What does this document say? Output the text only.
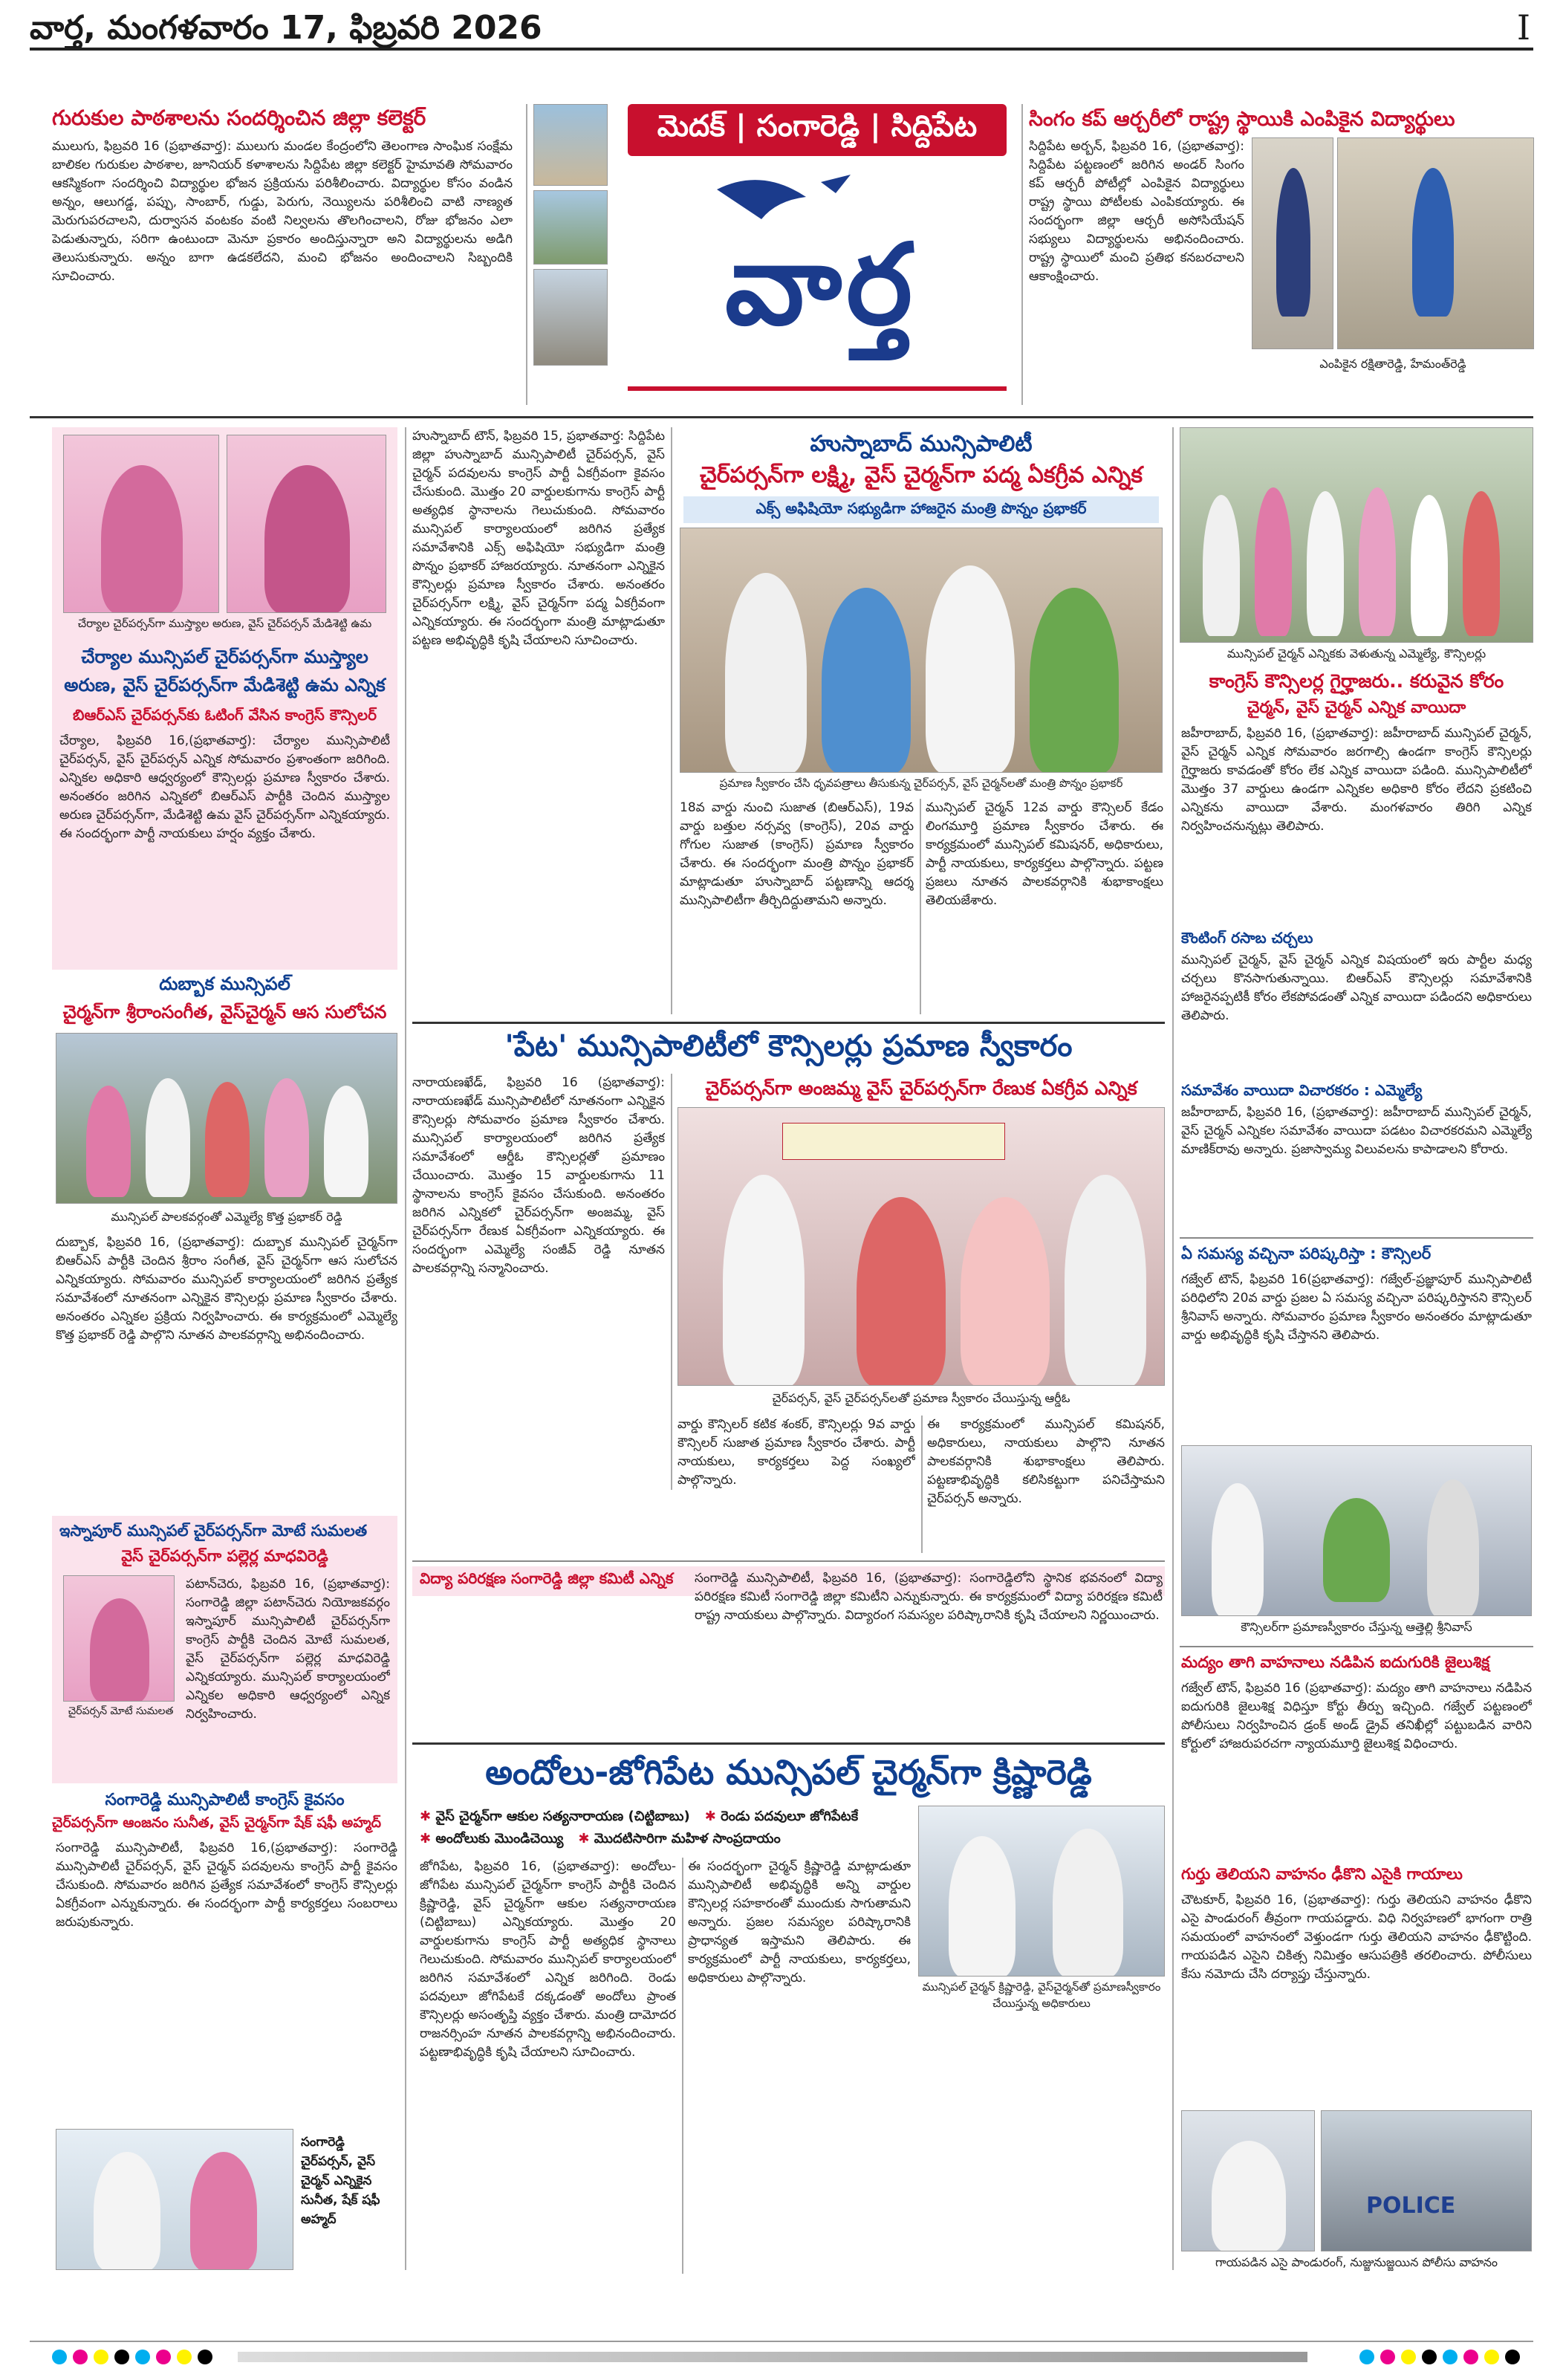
వార్త, మంగళవారం 17, ఫిబ్రవరి 2026	I
గురుకుల పాఠశాలను సందర్శించిన జిల్లా కలెక్టర్
ములుగు, ఫిబ్రవరి 16 (ప్రభాతవార్త): ములుగు మండల కేంద్రంలోని తెలంగాణ సాంఘిక సంక్షేమ బాలికల గురుకుల పాఠశాల, జూనియర్ కళాశాలను సిద్దిపేట జిల్లా కలెక్టర్ హైమావతి సోమవారం ఆకస్మికంగా సందర్శించి విద్యార్థుల భోజన ప్రక్రియను పరిశీలించారు. విద్యార్థుల కోసం వండిన అన్నం, ఆలుగడ్డ, పప్పు, సాంబార్, గుడ్డు, పెరుగు, నెయ్యిలను పరిశీలించి వాటి నాణ్యత మెరుగుపరచాలని, దుర్వాసన వంటకం వంటి నిల్వలను తొలగించాలని, రోజు భోజనం ఎలా పెడుతున్నారు, సరిగా ఉంటుందా మెనూ ప్రకారం అందిస్తున్నారా అని విద్యార్థులను అడిగి తెలుసుకున్నారు. అన్నం బాగా ఉడకలేదని, మంచి భోజనం అందించాలని సిబ్బందికి సూచించారు.
మెదక్ | సంగారెడ్డి | సిద్దిపేట
వార్త
సింగం కప్ ఆర్చరీలో రాష్ట్ర స్థాయికి ఎంపికైన విద్యార్థులు
సిద్దిపేట అర్బన్, ఫిబ్రవరి 16, (ప్రభాతవార్త): సిద్దిపేట పట్టణంలో జరిగిన అండర్ సింగం కప్ ఆర్చరీ పోటీల్లో ఎంపికైన విద్యార్థులు రాష్ట్ర స్థాయి పోటీలకు ఎంపికయ్యారు. ఈ సందర్భంగా జిల్లా ఆర్చరీ అసోసియేషన్ సభ్యులు విద్యార్థులను అభినందించారు. రాష్ట్ర స్థాయిలో మంచి ప్రతిభ కనబరచాలని ఆకాంక్షించారు.
ఎంపికైన రక్షితారెడ్డి, హేమంత్‌రెడ్డి
చేర్యాల చైర్‌పర్సన్‌గా ముస్త్యాల అరుణ, వైస్ చైర్‌పర్సన్ మేడిశెట్టి ఉమ
చేర్యాల మున్సిపల్ చైర్‌పర్సన్‌గా ముస్త్యాల అరుణ, వైస్ చైర్‌పర్సన్‌గా మేడిశెట్టి ఉమ ఎన్నిక
బిఆర్ఎస్ చైర్‌పర్సన్‌కు ఓటింగ్ వేసిన కాంగ్రెస్ కౌన్సిలర్
చేర్యాల, ఫిబ్రవరి 16,(ప్రభాతవార్త): చేర్యాల మున్సిపాలిటీ చైర్‌పర్సన్, వైస్ చైర్‌పర్సన్ ఎన్నిక సోమవారం ప్రశాంతంగా జరిగింది. ఎన్నికల అధికారి ఆధ్వర్యంలో కౌన్సిలర్లు ప్రమాణ స్వీకారం చేశారు. అనంతరం జరిగిన ఎన్నికలో బిఆర్ఎస్ పార్టీకి చెందిన ముస్త్యాల అరుణ చైర్‌పర్సన్‌గా, మేడిశెట్టి ఉమ వైస్ చైర్‌పర్సన్‌గా ఎన్నికయ్యారు. ఈ సందర్భంగా పార్టీ నాయకులు హర్షం వ్యక్తం చేశారు.
దుబ్బాక మున్సిపల్
చైర్మన్‌గా శ్రీరాంసంగీత, వైస్‌చైర్మన్ ఆస సులోచన
మున్సిపల్ పాలకవర్గంతో ఎమ్మెల్యే కొత్త ప్రభాకర్ రెడ్డి
దుబ్బాక, ఫిబ్రవరి 16, (ప్రభాతవార్త): దుబ్బాక మున్సిపల్ చైర్మన్‌గా బిఆర్ఎస్ పార్టీకి చెందిన శ్రీరాం సంగీత, వైస్ చైర్మన్‌గా ఆస సులోచన ఎన్నికయ్యారు. సోమవారం మున్సిపల్ కార్యాలయంలో జరిగిన ప్రత్యేక సమావేశంలో నూతనంగా ఎన్నికైన కౌన్సిలర్లు ప్రమాణ స్వీకారం చేశారు. అనంతరం ఎన్నికల ప్రక్రియ నిర్వహించారు. ఈ కార్యక్రమంలో ఎమ్మెల్యే కొత్త ప్రభాకర్ రెడ్డి పాల్గొని నూతన పాలకవర్గాన్ని అభినందించారు.
ఇస్నాపూర్ మున్సిపల్ చైర్‌పర్సన్‌గా మోటే సుమలత
వైస్ చైర్‌పర్సన్‌గా పల్లెర్ల మాధవిరెడ్డి
చైర్‌పర్సన్ మోటే సుమలత
పటాన్‌చెరు, ఫిబ్రవరి 16, (ప్రభాతవార్త): సంగారెడ్డి జిల్లా పటాన్‌చెరు నియోజకవర్గం ఇస్నాపూర్ మున్సిపాలిటీ చైర్‌పర్సన్‌గా కాంగ్రెస్ పార్టీకి చెందిన మోటే సుమలత, వైస్ చైర్‌పర్సన్‌గా పల్లెర్ల మాధవిరెడ్డి ఎన్నికయ్యారు. మున్సిపల్ కార్యాలయంలో ఎన్నికల అధికారి ఆధ్వర్యంలో ఎన్నిక నిర్వహించారు.
సంగారెడ్డి మున్సిపాలిటీ కాంగ్రెస్ కైవసం
చైర్‌పర్సన్‌గా ఆంజనం సునీత, వైస్ చైర్మన్‌గా షేక్ షఫీ అహ్మద్
సంగారెడ్డి మున్సిపాలిటీ, ఫిబ్రవరి 16,(ప్రభాతవార్త): సంగారెడ్డి మున్సిపాలిటీ చైర్‌పర్సన్, వైస్ చైర్మన్ పదవులను కాంగ్రెస్ పార్టీ కైవసం చేసుకుంది. సోమవారం జరిగిన ప్రత్యేక సమావేశంలో కాంగ్రెస్ కౌన్సిలర్లు ఏకగ్రీవంగా ఎన్నుకున్నారు. ఈ సందర్భంగా పార్టీ కార్యకర్తలు సంబరాలు జరుపుకున్నారు.
సంగారెడ్డి చైర్‌పర్సన్, వైస్ చైర్మన్ ఎన్నికైన సునీత, షేక్ షఫీ అహ్మద్
హుస్నాబాద్ టౌన్, ఫిబ్రవరి 15, ప్రభాతవార్త: సిద్దిపేట జిల్లా హుస్నాబాద్ మున్సిపాలిటీ చైర్‌పర్సన్, వైస్ చైర్మన్ పదవులను కాంగ్రెస్ పార్టీ ఏకగ్రీవంగా కైవసం చేసుకుంది. మొత్తం 20 వార్డులకుగాను కాంగ్రెస్ పార్టీ అత్యధిక స్థానాలను గెలుచుకుంది. సోమవారం మున్సిపల్ కార్యాలయంలో జరిగిన ప్రత్యేక సమావేశానికి ఎక్స్ అఫిషియో సభ్యుడిగా మంత్రి పొన్నం ప్రభాకర్ హాజరయ్యారు. నూతనంగా ఎన్నికైన కౌన్సిలర్లు ప్రమాణ స్వీకారం చేశారు. అనంతరం చైర్‌పర్సన్‌గా లక్ష్మి, వైస్ చైర్మన్‌గా పద్మ ఏకగ్రీవంగా ఎన్నికయ్యారు. ఈ సందర్భంగా మంత్రి మాట్లాడుతూ పట్టణ అభివృద్ధికి కృషి చేయాలని సూచించారు.
హుస్నాబాద్ మున్సిపాలిటీ
చైర్‌పర్సన్‌గా లక్ష్మి, వైస్ చైర్మన్‌గా పద్మ ఏకగ్రీవ ఎన్నిక
ఎక్స్ అఫిషియో సభ్యుడిగా హాజరైన మంత్రి పొన్నం ప్రభాకర్
ప్రమాణ స్వీకారం చేసి ధృవపత్రాలు తీసుకున్న చైర్‌పర్సన్, వైస్ చైర్మన్‌లతో మంత్రి పొన్నం ప్రభాకర్
18వ వార్డు నుంచి సుజాత (బిఆర్ఎస్), 19వ వార్డు బత్తుల నర్సవ్వ (కాంగ్రెస్), 20వ వార్డు గోగుల సుజాత (కాంగ్రెస్) ప్రమాణ స్వీకారం చేశారు. ఈ సందర్భంగా మంత్రి పొన్నం ప్రభాకర్ మాట్లాడుతూ హుస్నాబాద్ పట్టణాన్ని ఆదర్శ మున్సిపాలిటీగా తీర్చిదిద్దుతామని అన్నారు.
మున్సిపల్ చైర్మన్ 12వ వార్డు కౌన్సిలర్ కేడం లింగమూర్తి ప్రమాణ స్వీకారం చేశారు. ఈ కార్యక్రమంలో మున్సిపల్ కమిషనర్, అధికారులు, పార్టీ నాయకులు, కార్యకర్తలు పాల్గొన్నారు. పట్టణ ప్రజలు నూతన పాలకవర్గానికి శుభాకాంక్షలు తెలియజేశారు.
మున్సిపల్ చైర్మన్ ఎన్నికకు వెళుతున్న ఎమ్మెల్యే, కౌన్సిలర్లు
కాంగ్రెస్ కౌన్సిలర్ల గైర్హాజరు.. కరువైన కోరం
చైర్మన్, వైస్ చైర్మన్ ఎన్నిక వాయిదా
జహీరాబాద్, ఫిబ్రవరి 16, (ప్రభాతవార్త): జహీరాబాద్ మున్సిపల్ చైర్మన్, వైస్ చైర్మన్ ఎన్నిక సోమవారం జరగాల్సి ఉండగా కాంగ్రెస్ కౌన్సిలర్లు గైర్హాజరు కావడంతో కోరం లేక ఎన్నిక వాయిదా పడింది. మున్సిపాలిటీలో మొత్తం 37 వార్డులు ఉండగా ఎన్నికల అధికారి కోరం లేదని ప్రకటించి ఎన్నికను వాయిదా వేశారు. మంగళవారం తిరిగి ఎన్నిక నిర్వహించనున్నట్లు తెలిపారు.
కౌంటింగ్ రసాబ చర్చలు
మున్సిపల్ చైర్మన్, వైస్ చైర్మన్ ఎన్నిక విషయంలో ఇరు పార్టీల మధ్య చర్చలు కొనసాగుతున్నాయి. బిఆర్ఎస్ కౌన్సిలర్లు సమావేశానికి హాజరైనప్పటికీ కోరం లేకపోవడంతో ఎన్నిక వాయిదా పడిందని అధికారులు తెలిపారు.
సమావేశం వాయిదా విచారకరం : ఎమ్మెల్యే
జహీరాబాద్, ఫిబ్రవరి 16, (ప్రభాతవార్త): జహీరాబాద్ మున్సిపల్ చైర్మన్, వైస్ చైర్మన్ ఎన్నికల సమావేశం వాయిదా పడటం విచారకరమని ఎమ్మెల్యే మాణిక్‌రావు అన్నారు. ప్రజాస్వామ్య విలువలను కాపాడాలని కోరారు.
ఏ సమస్య వచ్చినా పరిష్కరిస్తా : కౌన్సిలర్
గజ్వేల్ టౌన్, ఫిబ్రవరి 16(ప్రభాతవార్త): గజ్వేల్-ప్రజ్ఞాపూర్ మున్సిపాలిటీ పరిధిలోని 20వ వార్డు ప్రజల ఏ సమస్య వచ్చినా పరిష్కరిస్తానని కౌన్సిలర్ శ్రీనివాస్ అన్నారు. సోమవారం ప్రమాణ స్వీకారం అనంతరం మాట్లాడుతూ వార్డు అభివృద్ధికి కృషి చేస్తానని తెలిపారు.
కౌన్సిలర్‌గా ప్రమాణస్వీకారం చేస్తున్న ఆత్తెల్లి శ్రీనివాస్
మద్యం తాగి వాహనాలు నడిపిన ఐదుగురికి జైలుశిక్ష
గజ్వేల్ టౌన్, ఫిబ్రవరి 16 (ప్రభాతవార్త): మద్యం తాగి వాహనాలు నడిపిన ఐదుగురికి జైలుశిక్ష విధిస్తూ కోర్టు తీర్పు ఇచ్చింది. గజ్వేల్ పట్టణంలో పోలీసులు నిర్వహించిన డ్రంక్ అండ్ డ్రైవ్ తనిఖీల్లో పట్టుబడిన వారిని కోర్టులో హాజరుపరచగా న్యాయమూర్తి జైలుశిక్ష విధించారు.
గుర్తు తెలియని వాహనం ఢీకొని ఎసైకి గాయాలు
చౌటకూర్, ఫిబ్రవరి 16, (ప్రభాతవార్త): గుర్తు తెలియని వాహనం ఢీకొని ఎసై పాండురంగ్ తీవ్రంగా గాయపడ్డారు. విధి నిర్వహణలో భాగంగా రాత్రి సమయంలో వాహనంలో వెళ్తుండగా గుర్తు తెలియని వాహనం ఢీకొట్టింది. గాయపడిన ఎసైని చికిత్స నిమిత్తం ఆసుపత్రికి తరలించారు. పోలీసులు కేసు నమోదు చేసి దర్యాప్తు చేస్తున్నారు.
POLICE
గాయపడిన ఎసై పాండురంగ్, నుజ్జునుజ్జయిన పోలీసు వాహనం
'పేట' మున్సిపాలిటీలో కౌన్సిలర్లు ప్రమాణ స్వీకారం
నారాయణఖేడ్, ఫిబ్రవరి 16 (ప్రభాతవార్త): నారాయణఖేడ్ మున్సిపాలిటీలో నూతనంగా ఎన్నికైన కౌన్సిలర్లు సోమవారం ప్రమాణ స్వీకారం చేశారు. మున్సిపల్ కార్యాలయంలో జరిగిన ప్రత్యేక సమావేశంలో ఆర్డీఓ కౌన్సిలర్లతో ప్రమాణం చేయించారు. మొత్తం 15 వార్డులకుగాను 11 స్థానాలను కాంగ్రెస్ కైవసం చేసుకుంది. అనంతరం జరిగిన ఎన్నికలో చైర్‌పర్సన్‌గా అంజమ్మ, వైస్ చైర్‌పర్సన్‌గా రేణుక ఏకగ్రీవంగా ఎన్నికయ్యారు. ఈ సందర్భంగా ఎమ్మెల్యే సంజీవ్ రెడ్డి నూతన పాలకవర్గాన్ని సన్మానించారు.
చైర్‌పర్సన్‌గా అంజమ్మ వైస్ చైర్‌పర్సన్‌గా రేణుక ఏకగ్రీవ ఎన్నిక
చైర్‌పర్సన్, వైస్ చైర్‌పర్సన్‌లతో ప్రమాణ స్వీకారం చేయిస్తున్న ఆర్డీఓ
వార్డు కౌన్సిలర్ కటిక శంకర్, కౌన్సిలర్లు 9వ వార్డు కౌన్సిలర్ సుజాత ప్రమాణ స్వీకారం చేశారు. పార్టీ నాయకులు, కార్యకర్తలు పెద్ద సంఖ్యలో పాల్గొన్నారు.
ఈ కార్యక్రమంలో మున్సిపల్ కమిషనర్, అధికారులు, నాయకులు పాల్గొని నూతన పాలకవర్గానికి శుభాకాంక్షలు తెలిపారు. పట్టణాభివృద్ధికి కలిసికట్టుగా పనిచేస్తామని చైర్‌పర్సన్ అన్నారు.
విద్యా పరిరక్షణ సంగారెడ్డి జిల్లా కమిటీ ఎన్నిక	సంగారెడ్డి మున్సిపాలిటీ, ఫిబ్రవరి 16, (ప్రభాతవార్త): సంగారెడ్డిలోని స్థానిక భవనంలో విద్యా పరిరక్షణ కమిటీ సంగారెడ్డి జిల్లా కమిటీని ఎన్నుకున్నారు. ఈ కార్యక్రమంలో విద్యా పరిరక్షణ కమిటీ రాష్ట్ర నాయకులు పాల్గొన్నారు. విద్యారంగ సమస్యల పరిష్కారానికి కృషి చేయాలని నిర్ణయించారు.
అందోలు-జోగిపేట మున్సిపల్ చైర్మన్‌గా క్రిష్ణారెడ్డి
✱ వైస్ చైర్మన్‌గా ఆకుల సత్యనారాయణ (చిట్టిబాబు) ✱ రెండు పదవులూ జోగిపేటకే
✱ అందోలుకు మొండిచెయ్యి ✱ మొదటిసారిగా మహిళ సాంప్రదాయం
జోగిపేట, ఫిబ్రవరి 16, (ప్రభాతవార్త): అందోలు-జోగిపేట మున్సిపల్ చైర్మన్‌గా కాంగ్రెస్ పార్టీకి చెందిన క్రిష్ణారెడ్డి, వైస్ చైర్మన్‌గా ఆకుల సత్యనారాయణ (చిట్టిబాబు) ఎన్నికయ్యారు. మొత్తం 20 వార్డులకుగాను కాంగ్రెస్ పార్టీ అత్యధిక స్థానాలు గెలుచుకుంది. సోమవారం మున్సిపల్ కార్యాలయంలో జరిగిన సమావేశంలో ఎన్నిక జరిగింది. రెండు పదవులూ జోగిపేటకే దక్కడంతో అందోలు ప్రాంత కౌన్సిలర్లు అసంతృప్తి వ్యక్తం చేశారు. మంత్రి దామోదర రాజనర్సింహ నూతన పాలకవర్గాన్ని అభినందించారు. పట్టణాభివృద్ధికి కృషి చేయాలని సూచించారు.
ఈ సందర్భంగా చైర్మన్ క్రిష్ణారెడ్డి మాట్లాడుతూ మున్సిపాలిటీ అభివృద్ధికి అన్ని వార్డుల కౌన్సిలర్ల సహకారంతో ముందుకు సాగుతామని అన్నారు. ప్రజల సమస్యల పరిష్కారానికి ప్రాధాన్యత ఇస్తామని తెలిపారు. ఈ కార్యక్రమంలో పార్టీ నాయకులు, కార్యకర్తలు, అధికారులు పాల్గొన్నారు.
మున్సిపల్ చైర్మన్ క్రిష్ణారెడ్డి, వైస్‌చైర్మన్‌తో ప్రమాణస్వీకారం చేయిస్తున్న అధికారులు
